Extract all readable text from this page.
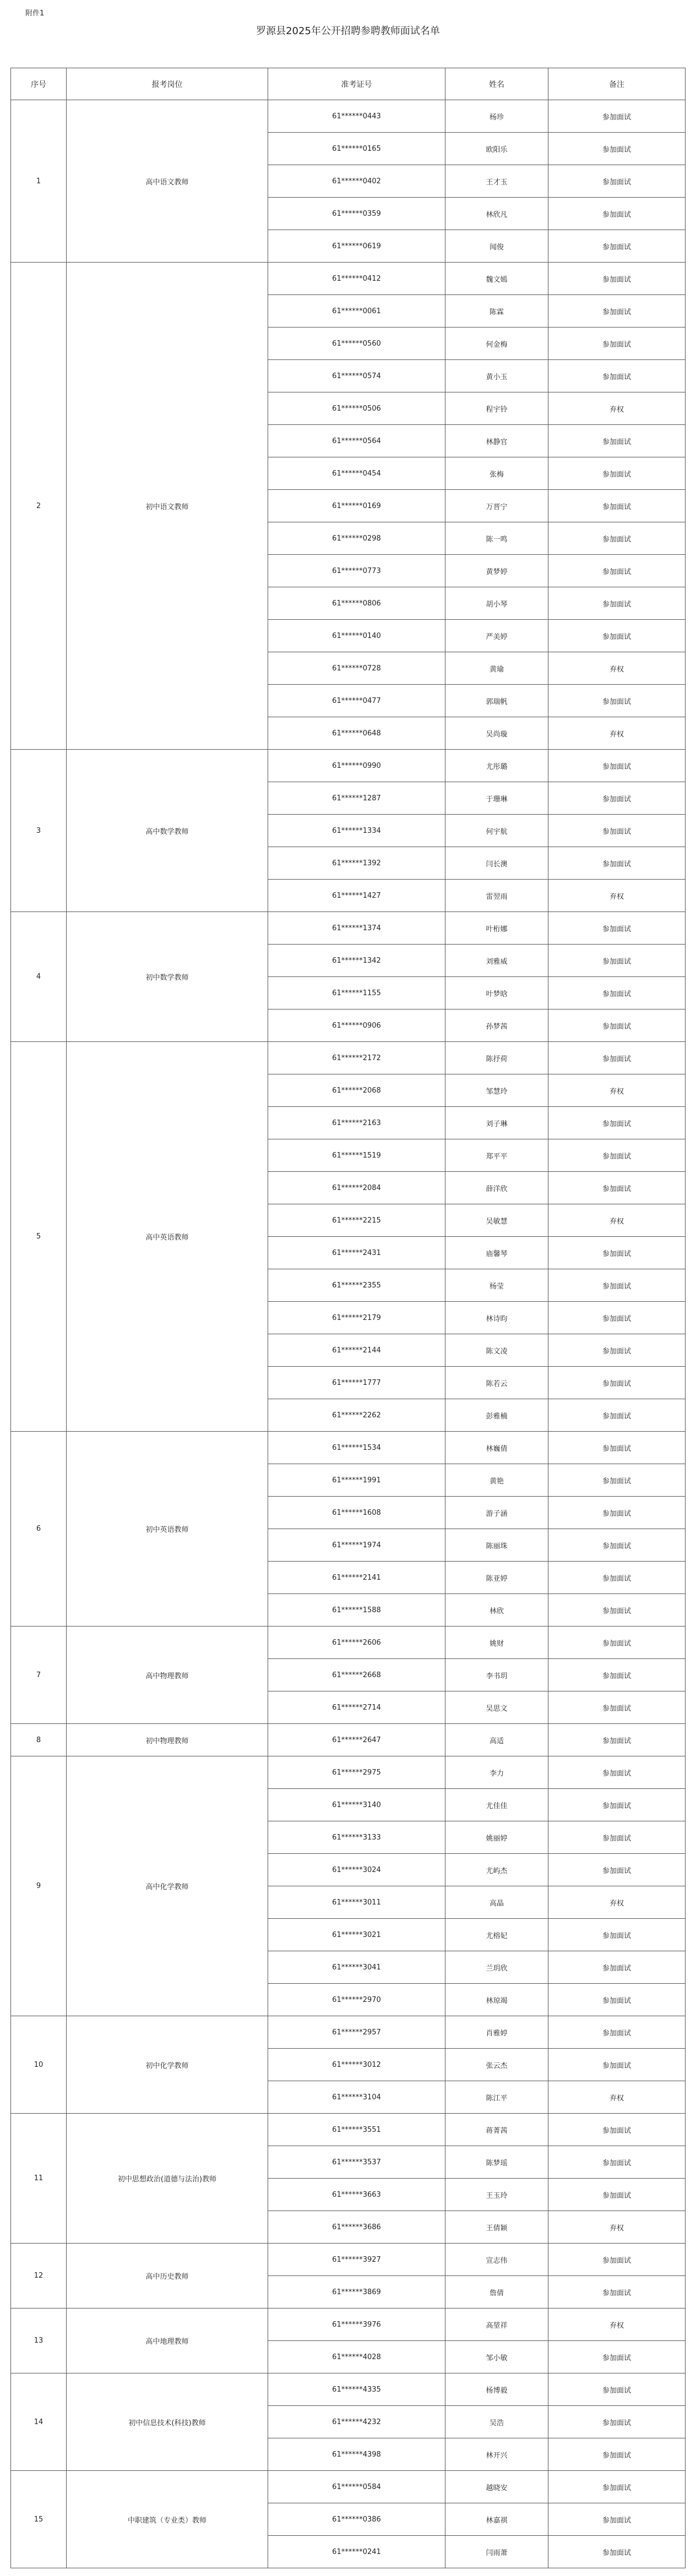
附件1
罗源县2025年公开招聘参聘教师面试名单
序号	报考岗位	准考证号	姓名	备注
1	高中语文教师	61******0443	杨珍	参加面试
		61******0165	欧阳乐	参加面试
		61******0402	王才玉	参加面试
		61******0359	林欣凡	参加面试
		61******0619	闻俊	参加面试
2	初中语文教师	61******0412	魏文嫣	参加面试
		61******0061	陈霖	参加面试
		61******0560	何金梅	参加面试
		61******0574	黄小玉	参加面试
		61******0506	程宇铃	弃权
		61******0564	林静官	参加面试
		61******0454	张梅	参加面试
		61******0169	万晋宁	参加面试
		61******0298	陈一鸣	参加面试
		61******0773	黄梦婷	参加面试
		61******0806	胡小琴	参加面试
		61******0140	严美婷	参加面试
		61******0728	黄瑜	弃权
		61******0477	郭瑞帆	参加面试
		61******0648	吴尚璇	弃权
3	高中数学教师	61******0990	尤彤璐	参加面试
		61******1287	于珊琳	参加面试
		61******1334	何宇航	参加面试
		61******1392	闫长澳	参加面试
		61******1427	雷翌雨	弃权
4	初中数学教师	61******1374	叶桁娜	参加面试
		61******1342	刘雅威	参加面试
		61******1155	叶梦晗	参加面试
		61******0906	孙梦茜	参加面试
5	高中英语教师	61******2172	陈抒荷	参加面试
		61******2068	邹慧玲	弃权
		61******2163	刘子琳	参加面试
		61******1519	郑平平	参加面试
		61******2084	薛洋欣	参加面试
		61******2215	吴敏慧	弃权
		61******2431	庙馨琴	参加面试
		61******2355	杨莹	参加面试
		61******2179	林诗昀	参加面试
		61******2144	陈文凌	参加面试
		61******1777	陈若云	参加面试
		61******2262	彭雅楠	参加面试
6	初中英语教师	61******1534	林巍倩	参加面试
		61******1991	黄艳	参加面试
		61******1608	游子涵	参加面试
		61******1974	陈丽珠	参加面试
		61******2141	陈亚婷	参加面试
		61******1588	林欣	参加面试
7	高中物理教师	61******2606	姚财	参加面试
		61******2668	李书玥	参加面试
		61******2714	吴思文	参加面试
8	初中物理教师	61******2647	高适	参加面试
9	高中化学教师	61******2975	李力	参加面试
		61******3140	尤佳佳	参加面试
		61******3133	姚丽婷	参加面试
		61******3024	尤屿杰	参加面试
		61******3011	高晶	弃权
		61******3021	尤榕妃	参加面试
		61******3041	兰玥欣	参加面试
		61******2970	林琼竭	参加面试
10	初中化学教师	61******2957	肖雅婷	参加面试
		61******3012	张云杰	参加面试
		61******3104	陈江平	弃权
11	初中思想政治(道德与法治)教师	61******3551	蒋菁茜	参加面试
		61******3537	陈梦瑶	参加面试
		61******3663	王玉玲	参加面试
		61******3686	王倩颖	弃权
12	高中历史教师	61******3927	宣志伟	参加面试
		61******3869	詹倩	参加面试
13	高中地理教师	61******3976	高堃祥	弃权
		61******4028	邹小敏	参加面试
14	初中信息技术(科技)教师	61******4335	杨博毅	参加面试
		61******4232	吴浩	参加面试
		61******4398	林开兴	参加面试
15	中职建筑（专业类）教师	61******0584	越晓安	参加面试
		61******0386	林嘉祺	参加面试
		61******0241	闫雨萧	参加面试
